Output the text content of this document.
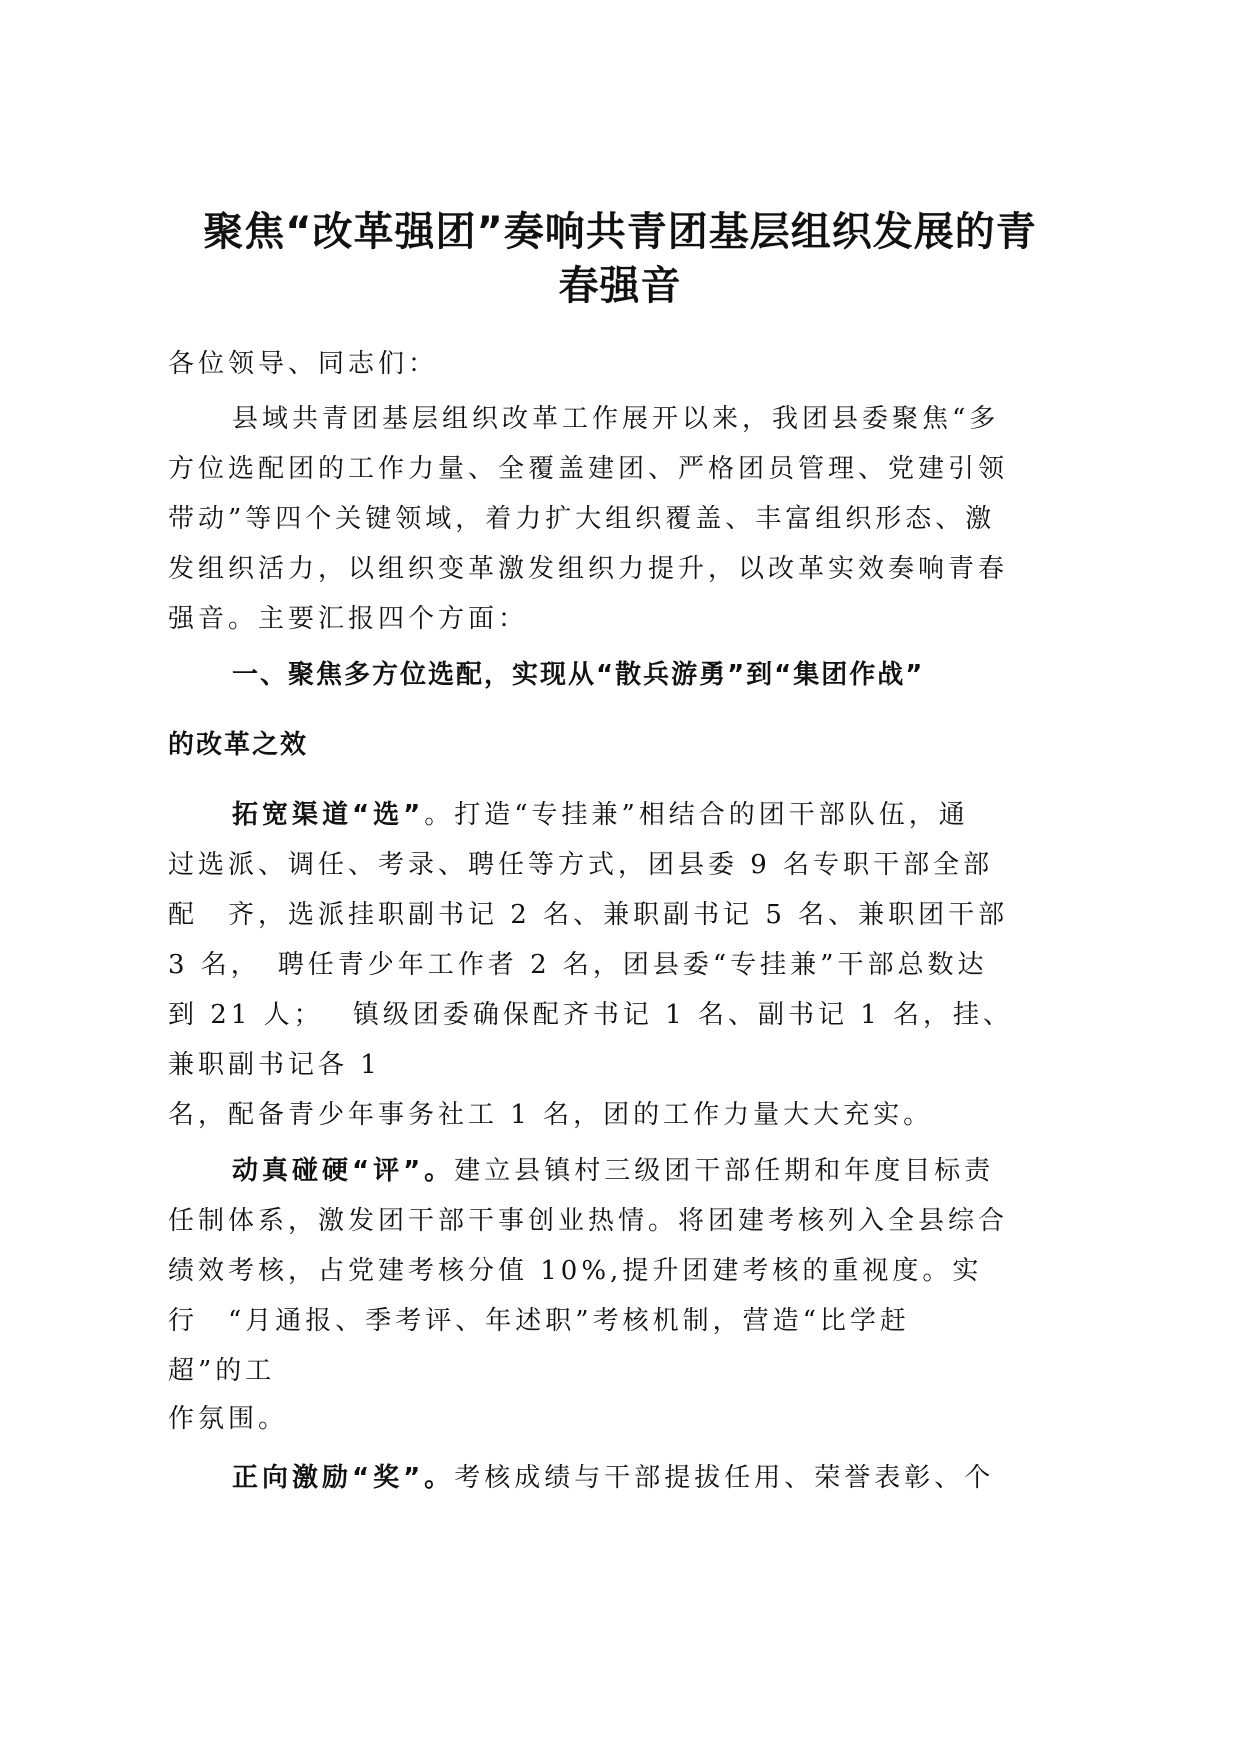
聚焦“改革强团”奏响共青团基层组织发展的青
春强音

各位领导、同志们：

县域共青团基层组织改革工作展开以来，我团县委聚焦“多

方位选配团的工作力量、全覆盖建团、严格团员管理、党建引领

带动”等四个关键领域，着力扩大组织覆盖、丰富组织形态、激

发组织活力，以组织变革激发组织力提升，以改革实效奏响青春

强音。主要汇报四个方面：

一、聚焦多方位选配，实现从“散兵游勇”到“集团作战”

的改革之效

拓宽渠道“选”。打造“专挂兼”相结合的团干部队伍，通

过选派、调任、考录、聘任等方式，团县委 9 名专职干部全部

配　齐，选派挂职副书记 2 名、兼职副书记 5 名、兼职团干部

3 名，　聘任青少年工作者 2 名，团县委“专挂兼”干部总数达

到 21 人；　 镇级团委确保配齐书记 1 名、副书记 1 名，挂、

兼职副书记各 1

名，配备青少年事务社工 1 名，团的工作力量大大充实。

动真碰硬“评”。建立县镇村三级团干部任期和年度目标责

任制体系，激发团干部干事创业热情。将团建考核列入全县综合

绩效考核，占党建考核分值 10%,提升团建考核的重视度。实

行　“月通报、季考评、年述职”考核机制，营造“比学赶

超”的工

作氛围。

正向激励“奖”。考核成绩与干部提拔任用、荣誉表彰、个
